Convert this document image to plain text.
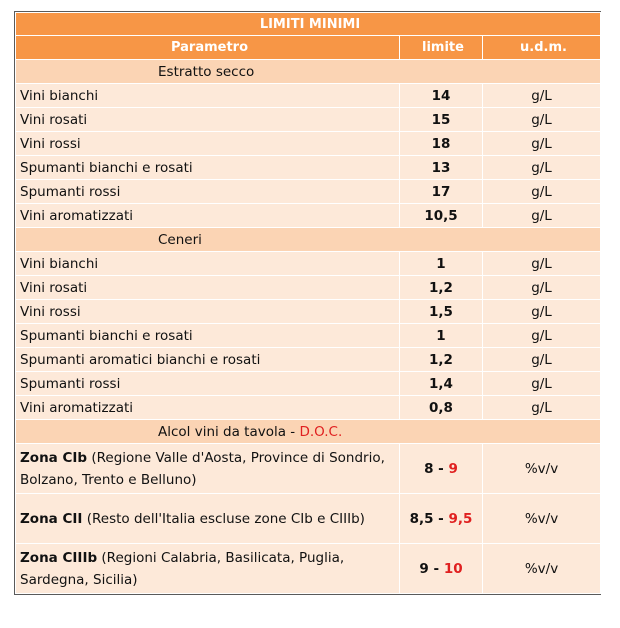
LIMITI MINIMI		
Parametro	limite	u.d.m.
Estratto secco		
Vini bianchi	14	g/L
Vini rosati	15	g/L
Vini rossi	18	g/L
Spumanti bianchi e rosati	13	g/L
Spumanti rossi	17	g/L
Vini aromatizzati	10,5	g/L
Ceneri		
Vini bianchi	1	g/L
Vini rosati	1,2	g/L
Vini rossi	1,5	g/L
Spumanti bianchi e rosati	1	g/L
Spumanti aromatici bianchi e rosati	1,2	g/L
Spumanti rossi	1,4	g/L
Vini aromatizzati	0,8	g/L
Alcol vini da tavola - D.O.C.		
Zona CIb (Regione Valle d'Aosta, Province di Sondrio, Bolzano, Trento e Belluno)	8 - 9	%v/v
Zona CII (Resto dell'Italia escluse zone CIb e CIIIb)	8,5 - 9,5	%v/v
Zona CIIIb (Regioni Calabria, Basilicata, Puglia, Sardegna, Sicilia)	9 - 10	%v/v
